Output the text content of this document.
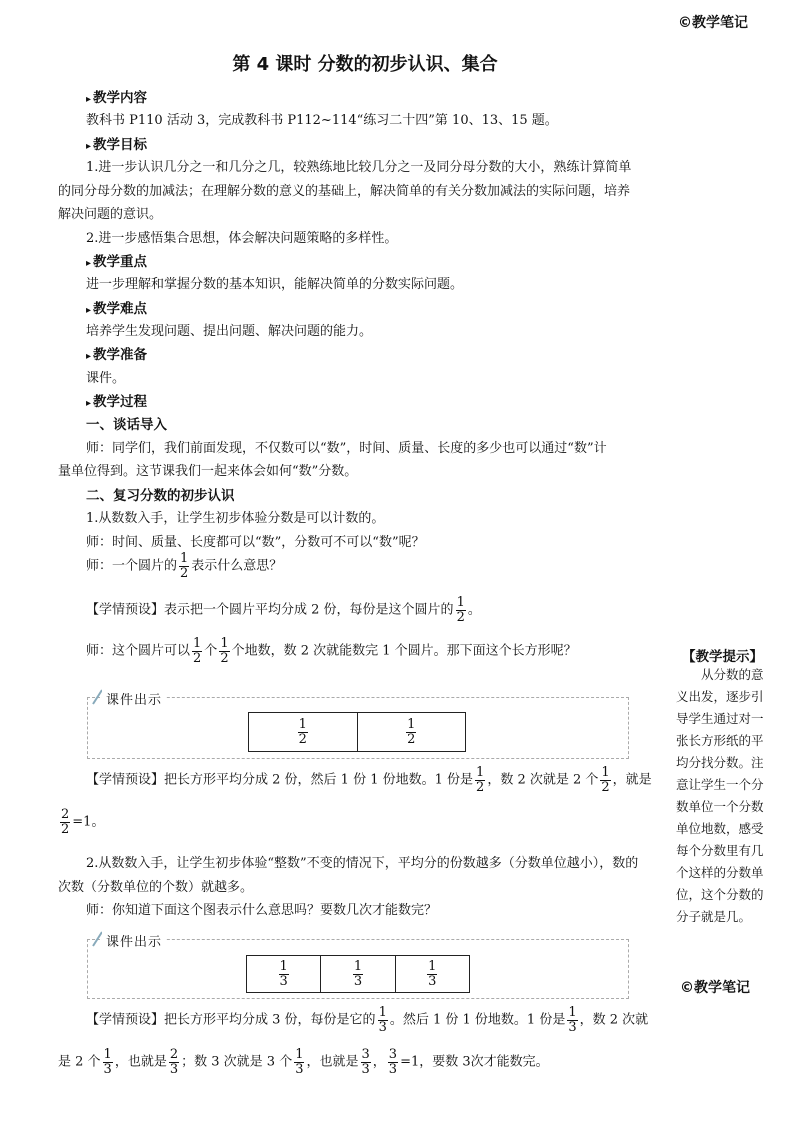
©教学笔记
第 4 课时 分数的初步认识、集合
▸ 教学内容
教科书 P110 活动 3，完成教科书 P112~114“练习二十四”第 10、13、15 题。
▸ 教学目标
1.进一步认识几分之一和几分之几，较熟练地比较几分之一及同分母分数的大小，熟练计算简单
的同分母分数的加减法；在理解分数的意义的基础上，解决简单的有关分数加减法的实际问题，培养
解决问题的意识。
2.进一步感悟集合思想，体会解决问题策略的多样性。
▸ 教学重点
进一步理解和掌握分数的基本知识，能解决简单的分数实际问题。
▸ 教学难点
培养学生发现问题、提出问题、解决问题的能力。
▸ 教学准备
课件。
▸ 教学过程
一、谈话导入
师：同学们，我们前面发现，不仅数可以“数”，时间、质量、长度的多少也可以通过“数”计
量单位得到。这节课我们一起来体会如何“数”分数。
二、复习分数的初步认识
1.从数数入手，让学生初步体验分数是可以计数的。
师：时间、质量、长度都可以“数”，分数可不可以“数”呢？
师：一个圆片的 $\frac{1}{2}$ 表示什么意思？
【学情预设】表示把一个圆片平均分成 2 份，每份是这个圆片的 $\frac{1}{2}$ 。
师：这个圆片可以 $\frac{1}{2}$ 个 $\frac{1}{2}$ 个地数，数 2 次就能数完 1 个圆片。那下面这个长方形呢？
课件出示
$\frac{1}{2}$	$\frac{1}{2}$
【学情预设】把长方形平均分成 2 份，然后 1 份 1 份地数。1 份是 $\frac{1}{2}$ ，数 2 次就是 2 个 $\frac{1}{2}$ ，就是
$\frac{2}{2} =1$。
2.从数数入手，让学生初步体验“整数”不变的情况下，平均分的份数越多（分数单位越小），数的
次数（分数单位的个数）就越多。
师：你知道下面这个图表示什么意思吗？要数几次才能数完？
课件出示
$\frac{1}{3}$	$\frac{1}{3}$	$\frac{1}{3}$
【学情预设】把长方形平均分成 3 份，每份是它的 $\frac{1}{3}$ 。然后 1 份 1 份地数。1 份是 $\frac{1}{3}$ ，数 2 次就
是 2 个 $\frac{1}{3}$ ，也就是 $\frac{2}{3}$ ；数 3 次就是 3 个 $\frac{1}{3}$ ，也就是 $\frac{3}{3}$ ， $\frac{3}{3} =1$，要数 3次才能数完。
【教学提示】
从分数的意义出发，逐步引导学生通过对一张长方形纸的平均分找分数。注意让学生一个分数单位一个分数单位地数，感受每个分数里有几个这样的分数单位，这个分数的分子就是几。
©教学笔记
